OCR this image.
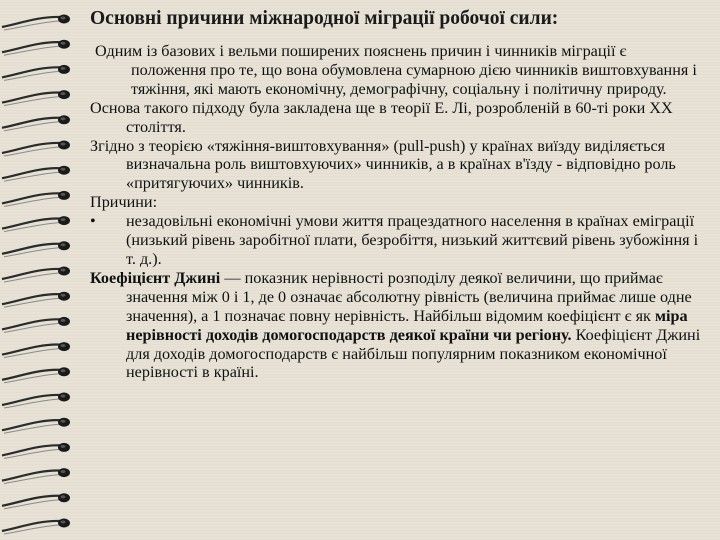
Основні причини міжнародної міграції робочої сили:

Одним із базових і вельми поширених пояснень причин і чинників міграції є положення про те, що вона обумовлена сумарною дією чинників виштовхування і тяжіння, які мають економічну, демографічну, соціальну і політичну природу.

Основа такого підходу була закладена ще в теорії Е. Лі, розробленій в 60-ті роки ХХ століття.

Згідно з теорією «тяжіння-виштовхування» (pull-push) у країнах виїзду виділяється визначальна роль виштовхуючих» чинників, а в країнах в'їзду - відповідно роль «притягуючих» чинників.

Причини:

• незадовільні економічні умови життя працездатного населення в країнах еміграції (низький рівень заробітної плати, безробіття, низький життєвий рівень зубожіння і т. д.).

Коефіцієнт Джині — показник нерівності розподілу деякої величини, що приймає значення між 0 і 1, де 0 означає абсолютну рівність (величина приймає лише одне значення), а 1 позначає повну нерівність. Найбільш відомим коефіцієнт є як міра нерівності доходів домогосподарств деякої країни чи регіону. Коефіцієнт Джині для доходів домогосподарств є найбільш популярним показником економічної нерівності в країні.
